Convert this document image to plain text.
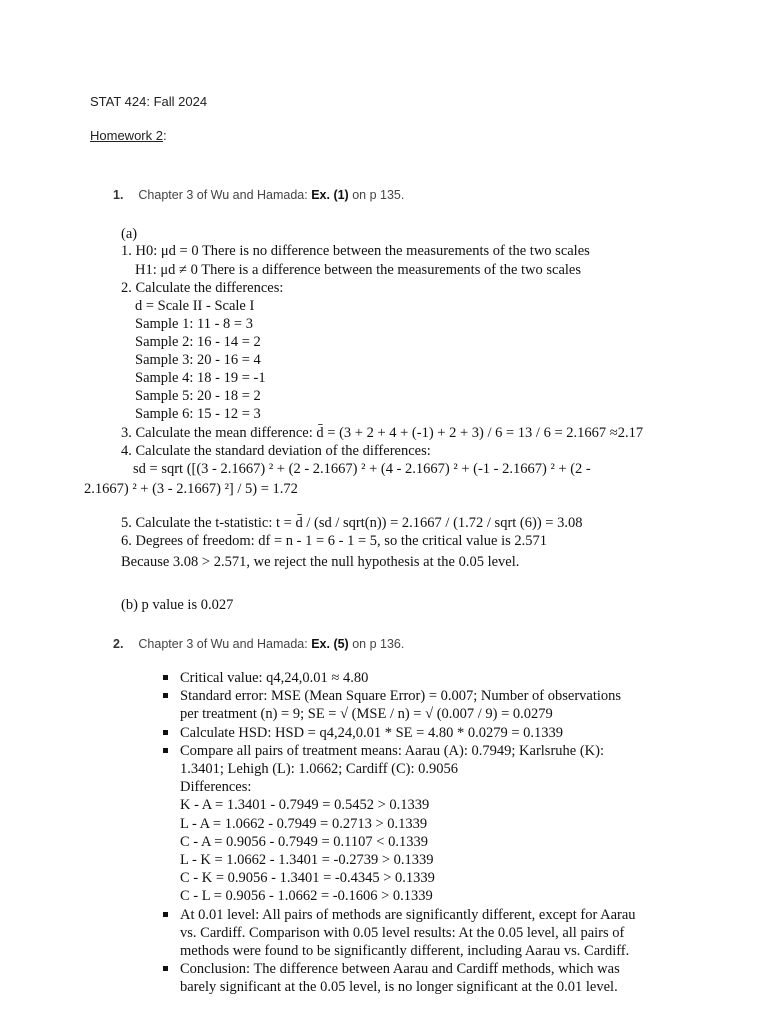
STAT 424: Fall 2024
Homework 2:
1. Chapter 3 of Wu and Hamada: Ex. (1) on p 135.
(a)
1. H0: μd = 0 There is no difference between the measurements of the two scales
H1: μd ≠ 0 There is a difference between the measurements of the two scales
2. Calculate the differences:
d = Scale II - Scale I
Sample 1: 11 - 8 = 3
Sample 2: 16 - 14 = 2
Sample 3: 20 - 16 = 4
Sample 4: 18 - 19 = -1
Sample 5: 20 - 18 = 2
Sample 6: 15 - 12 = 3
3. Calculate the mean difference: d̄ = (3 + 2 + 4 + (-1) + 2 + 3) / 6 = 13 / 6 = 2.1667 ≈2.17
4. Calculate the standard deviation of the differences:
sd = sqrt ([(3 - 2.1667) ² + (2 - 2.1667) ² + (4 - 2.1667) ² + (-1 - 2.1667) ² + (2 -
2.1667) ² + (3 - 2.1667) ²] / 5) = 1.72
5. Calculate the t-statistic: t = d̄ / (sd / sqrt(n)) = 2.1667 / (1.72 / sqrt (6)) = 3.08
6. Degrees of freedom: df = n - 1 = 6 - 1 = 5, so the critical value is 2.571
Because 3.08 > 2.571, we reject the null hypothesis at the 0.05 level.
(b) p value is 0.027
2. Chapter 3 of Wu and Hamada: Ex. (5) on p 136.
Critical value: q4,24,0.01 ≈ 4.80
Standard error: MSE (Mean Square Error) = 0.007; Number of observations
per treatment (n) = 9; SE = √ (MSE / n) = √ (0.007 / 9) = 0.0279
Calculate HSD: HSD = q4,24,0.01 * SE = 4.80 * 0.0279 = 0.1339
Compare all pairs of treatment means: Aarau (A): 0.7949; Karlsruhe (K):
1.3401; Lehigh (L): 1.0662; Cardiff (C): 0.9056
Differences:
K - A = 1.3401 - 0.7949 = 0.5452 > 0.1339
L - A = 1.0662 - 0.7949 = 0.2713 > 0.1339
C - A = 0.9056 - 0.7949 = 0.1107 < 0.1339
L - K = 1.0662 - 1.3401 = -0.2739 > 0.1339
C - K = 0.9056 - 1.3401 = -0.4345 > 0.1339
C - L = 0.9056 - 1.0662 = -0.1606 > 0.1339
At 0.01 level: All pairs of methods are significantly different, except for Aarau
vs. Cardiff. Comparison with 0.05 level results: At the 0.05 level, all pairs of
methods were found to be significantly different, including Aarau vs. Cardiff.
Conclusion: The difference between Aarau and Cardiff methods, which was
barely significant at the 0.05 level, is no longer significant at the 0.01 level.
